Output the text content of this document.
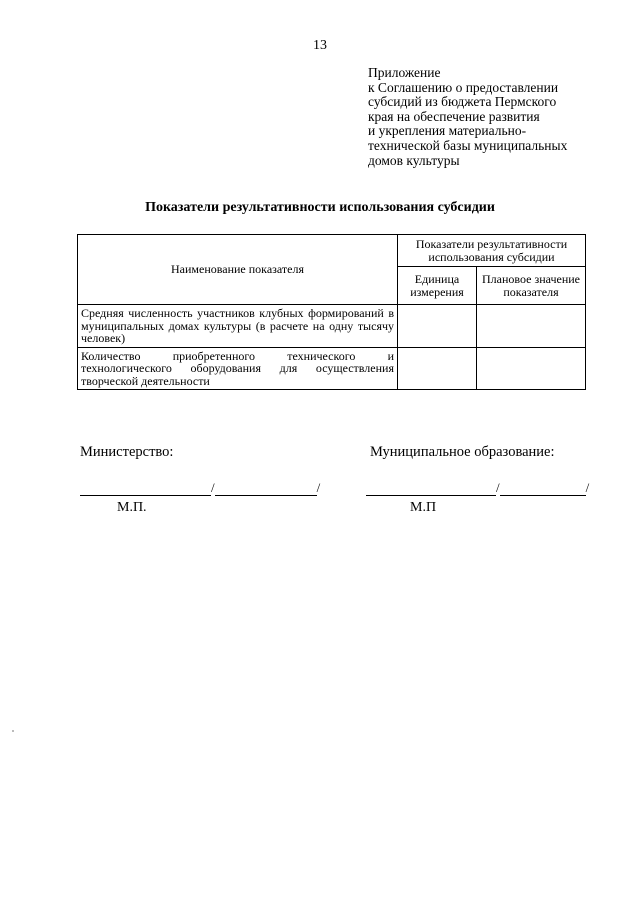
13
Приложение
к Соглашению о предоставлении
субсидий из бюджета Пермского
края на обеспечение развития
и укрепления материально-
технической базы муниципальных
домов культуры
Показатели результативности использования субсидии
Наименование показателя	Показатели результативности использования субсидии	
	Единица измерения	Плановое значение показателя
Средняя численность участников клубных формирований в муниципальных домах культуры (в расчете на одну тысячу человек)		
Количество приобретенного технического и технологического оборудования для осуществления творческой деятельности		
Министерство:	Муниципальное образование:
/	/	/	/
М.П.	М.П
